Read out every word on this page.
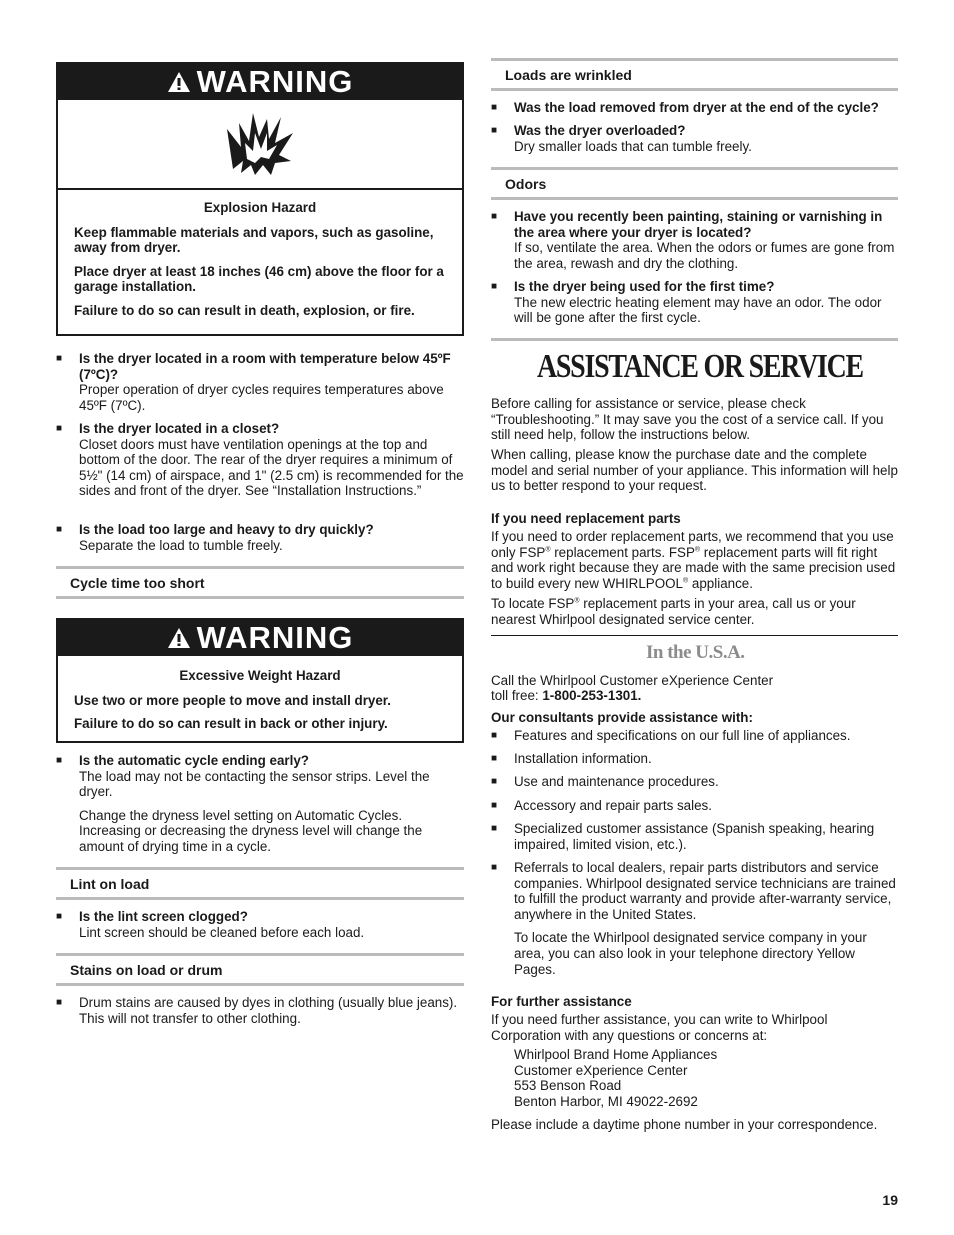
WARNING
Explosion Hazard

Keep flammable materials and vapors, such as gasoline, away from dryer.

Place dryer at least 18 inches (46 cm) above the floor for a garage installation.

Failure to do so can result in death, explosion, or fire.

■ Is the dryer located in a room with temperature below 45ºF (7ºC)?

Proper operation of dryer cycles requires temperatures above 45ºF (7ºC).

■ Is the dryer located in a closet?

Closet doors must have ventilation openings at the top and bottom of the door. The rear of the dryer requires a minimum of 5½" (14 cm) of airspace, and 1" (2.5 cm) is recommended for the sides and front of the dryer. See “Installation Instructions.”

■ Is the load too large and heavy to dry quickly?

Separate the load to tumble freely.

Cycle time too short
WARNING
Excessive Weight Hazard

Use two or more people to move and install dryer.

Failure to do so can result in back or other injury.

■ Is the automatic cycle ending early?

The load may not be contacting the sensor strips. Level the dryer.

Change the dryness level setting on Automatic Cycles. Increasing or decreasing the dryness level will change the amount of drying time in a cycle.

Lint on load
■ Is the lint screen clogged?

Lint screen should be cleaned before each load.

Stains on load or drum
■ Drum stains are caused by dyes in clothing (usually blue jeans). This will not transfer to other clothing.

Loads are wrinkled
■ Was the load removed from dryer at the end of the cycle?

■ Was the dryer overloaded?

Dry smaller loads that can tumble freely.

Odors
■ Have you recently been painting, staining or varnishing in the area where your dryer is located?

If so, ventilate the area. When the odors or fumes are gone from the area, rewash and dry the clothing.

■ Is the dryer being used for the first time?

The new electric heating element may have an odor. The odor will be gone after the first cycle.

ASSISTANCE OR SERVICE

Before calling for assistance or service, please check “Troubleshooting.” It may save you the cost of a service call. If you still need help, follow the instructions below.

When calling, please know the purchase date and the complete model and serial number of your appliance. This information will help us to better respond to your request.

If you need replacement parts

If you need to order replacement parts, we recommend that you use only FSP® replacement parts. FSP® replacement parts will fit right and work right because they are made with the same precision used to build every new WHIRLPOOL® appliance.

To locate FSP® replacement parts in your area, call us or your nearest Whirlpool designated service center.

In the U.S.A.

Call the Whirlpool Customer eXperience Center

toll free: 1-800-253-1301.

Our consultants provide assistance with:

■ Features and specifications on our full line of appliances.

■ Installation information.

■ Use and maintenance procedures.

■ Accessory and repair parts sales.

■ Specialized customer assistance (Spanish speaking, hearing impaired, limited vision, etc.).

■ Referrals to local dealers, repair parts distributors and service companies. Whirlpool designated service technicians are trained to fulfill the product warranty and provide after-warranty service, anywhere in the United States.

To locate the Whirlpool designated service company in your area, you can also look in your telephone directory Yellow Pages.

For further assistance

If you need further assistance, you can write to Whirlpool Corporation with any questions or concerns at:

Whirlpool Brand Home Appliances
Customer eXperience Center
553 Benson Road
Benton Harbor, MI 49022-2692

Please include a daytime phone number in your correspondence.

19
